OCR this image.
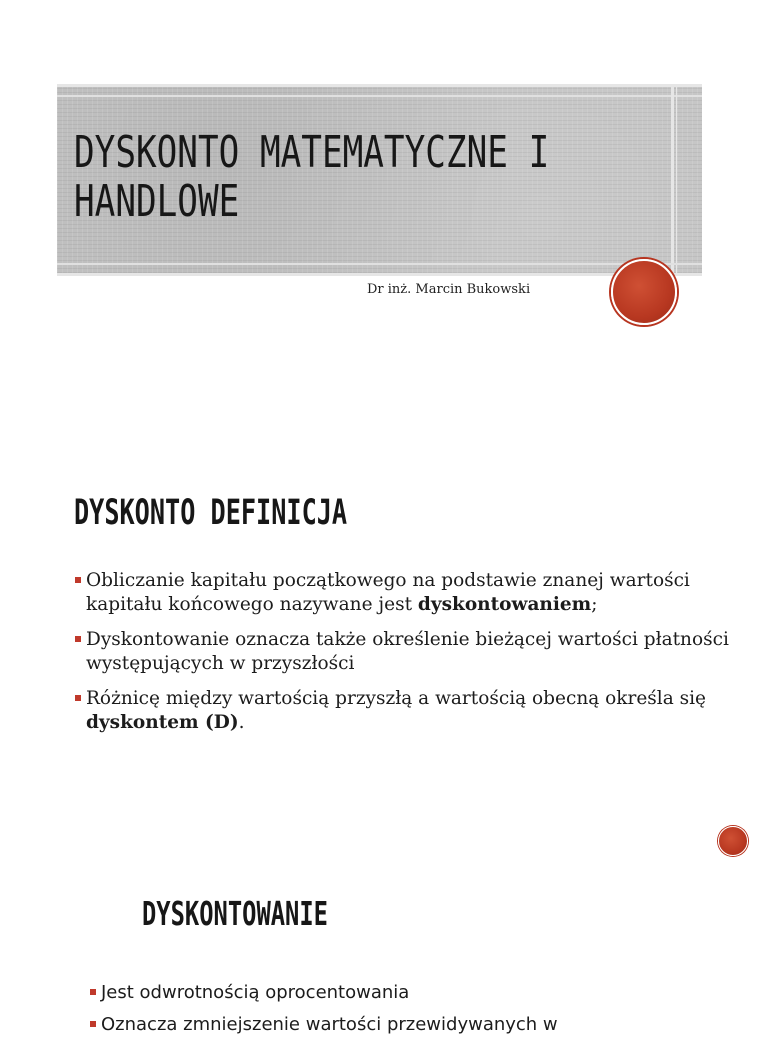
DYSKONTO MATEMATYCZNE I
HANDLOWE
Dr inż. Marcin Bukowski
DYSKONTO DEFINICJA
Obliczanie kapitału początkowego na podstawie znanej wartości kapitału końcowego nazywane jest dyskontowaniem;
Dyskontowanie oznacza także określenie bieżącej wartości płatności występujących w przyszłości
Różnicę między wartością przyszłą a wartością obecną określa się dyskontem (D).
DYSKONTOWANIE
Jest odwrotnością oprocentowania
Oznacza zmniejszenie wartości przewidywanych w
